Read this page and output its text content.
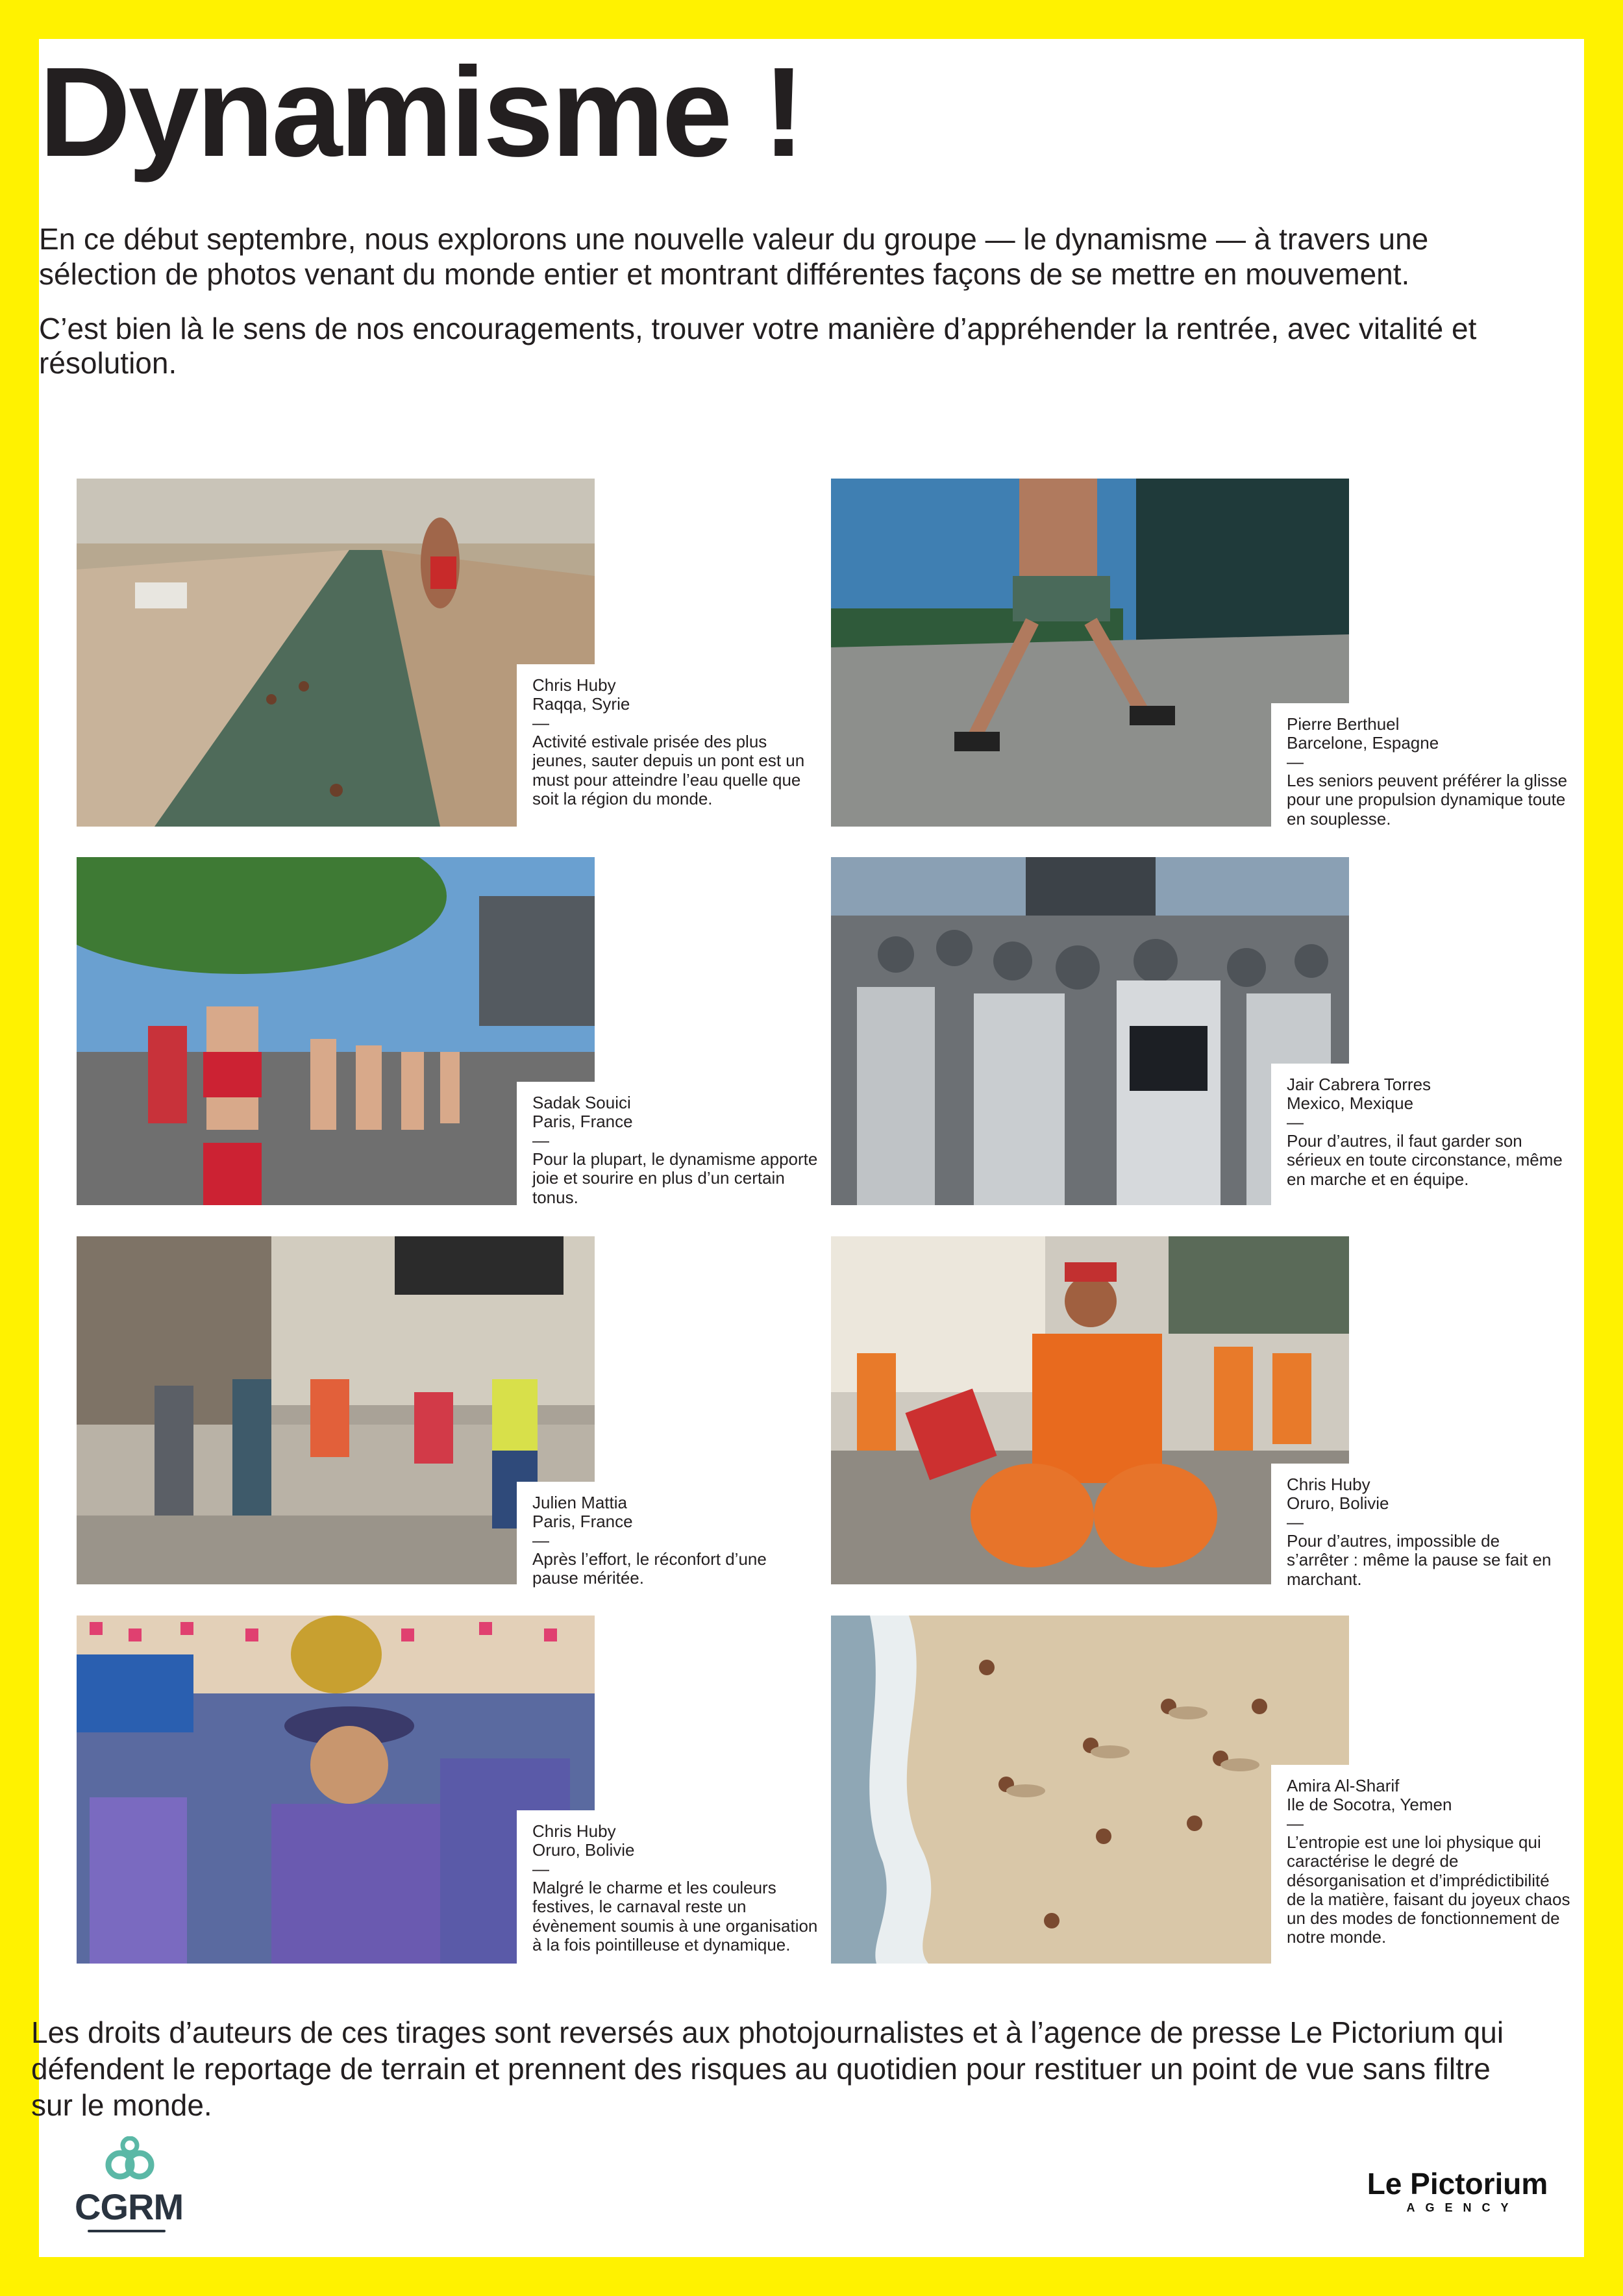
Dynamisme !

En ce début septembre, nous explorons une nouvelle valeur du groupe — le dynamisme — à travers une sélection de photos venant du monde entier et montrant différentes façons de se mettre en mouvement.

C’est bien là le sens de nos encouragements, trouver votre manière d’appréhender la rentrée, avec vitalité et résolution.

Chris Huby
Raqqa, Syrie
—
Activité estivale prisée des plus jeunes, sauter depuis un pont est un must pour atteindre l’eau quelle que soit la région du monde.
Pierre Berthuel
Barcelone, Espagne
—
Les seniors peuvent préférer la glisse pour une propulsion dynamique toute en souplesse.
Sadak Souici
Paris, France
—
Pour la plupart, le dynamisme apporte joie et sourire en plus d’un certain tonus.
Jair Cabrera Torres
Mexico, Mexique
—
Pour d’autres, il faut garder son sérieux en toute circonstance, même en marche et en équipe.
Julien Mattia
Paris, France
—
Après l’effort, le réconfort d’une pause méritée.
Chris Huby
Oruro, Bolivie
—
Pour d’autres, impossible de s’arrêter : même la pause se fait en marchant.
Chris Huby
Oruro, Bolivie
—
Malgré le charme et les couleurs festives, le carnaval reste un évènement soumis à une organisation à la fois pointilleuse et dynamique.
Amira Al-Sharif
Ile de Socotra, Yemen
—
L’entropie est une loi physique qui caractérise le degré de désorganisation et d’imprédictibilité de la matière, faisant du joyeux chaos un des modes de fonctionnement de notre monde.

Les droits d’auteurs de ces tirages sont reversés aux photojournalistes et à l’agence de presse Le Pictorium qui défendent le reportage de terrain et prennent des risques au quotidien pour restituer un point de vue sans filtre sur le monde.

CGRM
Le Pictorium
AGENCY
